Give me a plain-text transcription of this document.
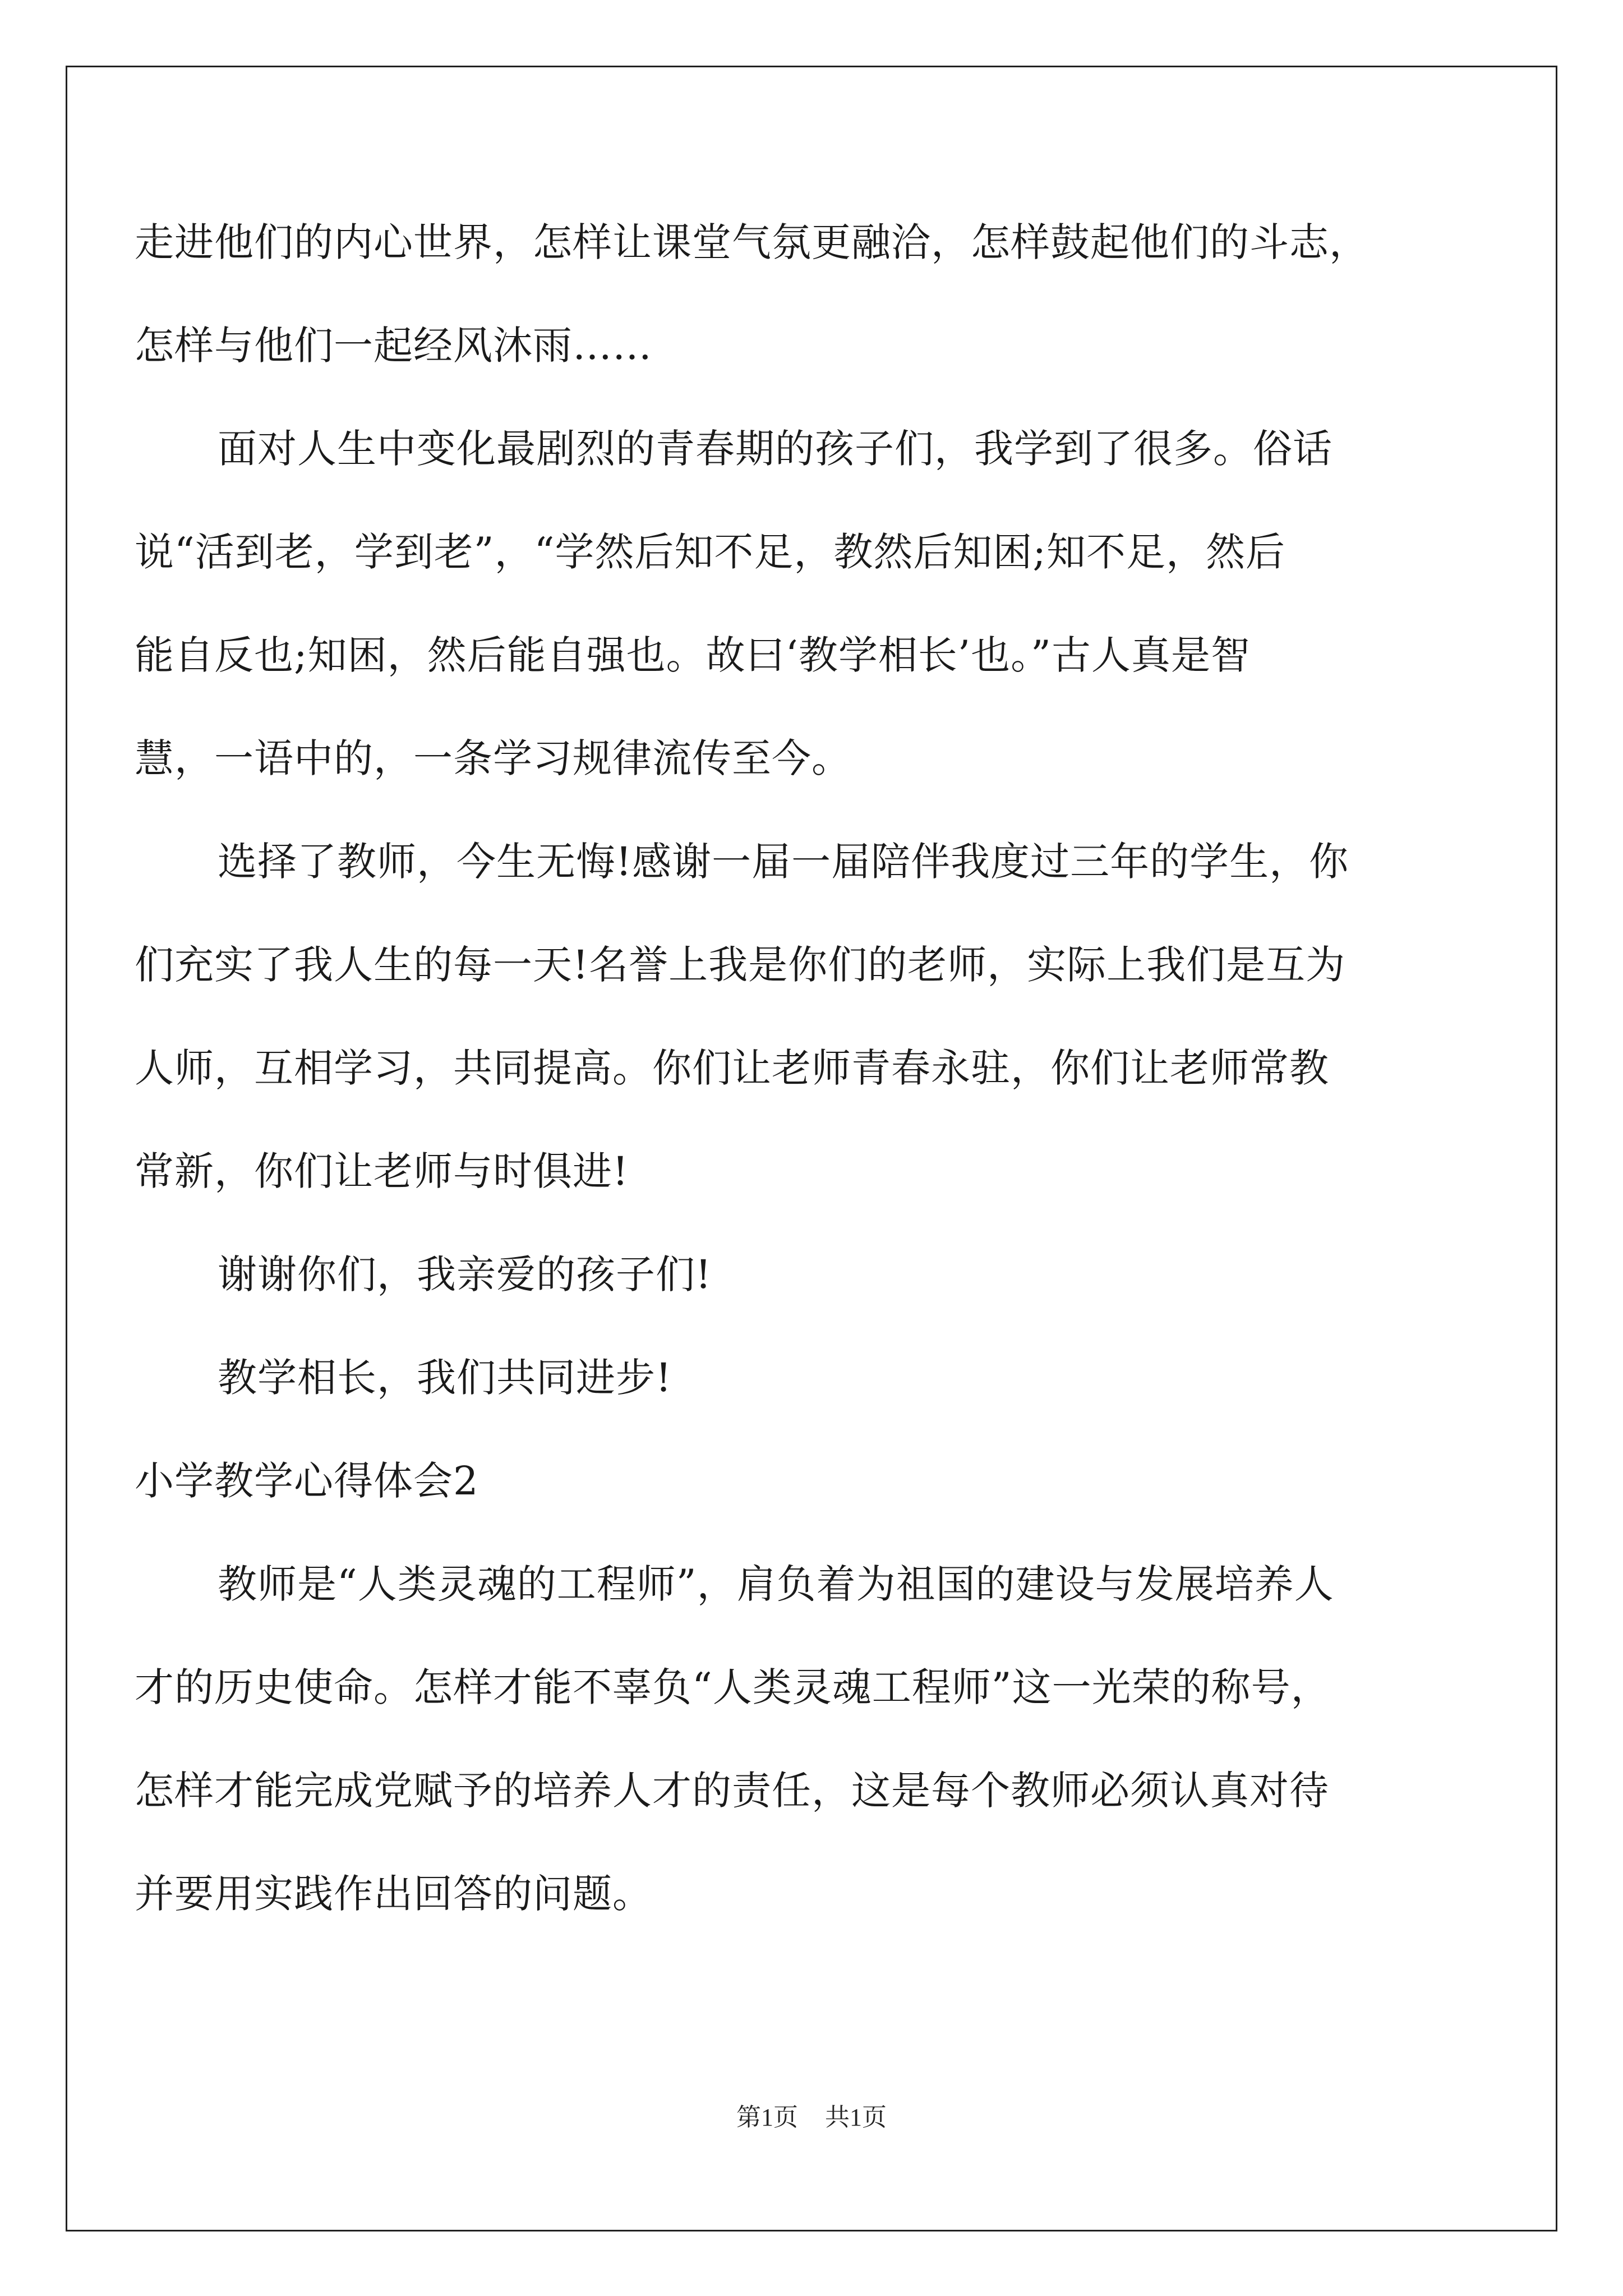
走进他们的内心世界，怎样让课堂气氛更融洽，怎样鼓起他们的斗志，
怎样与他们一起经风沐雨……
面对人生中变化最剧烈的青春期的孩子们，我学到了很多。俗话
说“活到老，学到老”，“学然后知不足，教然后知困;知不足，然后
能自反也;知困，然后能自强也。故曰‘教学相长’也。”古人真是智
慧，一语中的，一条学习规律流传至今。
选择了教师，今生无悔!感谢一届一届陪伴我度过三年的学生，你
们充实了我人生的每一天!名誉上我是你们的老师，实际上我们是互为
人师，互相学习，共同提高。你们让老师青春永驻，你们让老师常教
常新，你们让老师与时俱进!
谢谢你们，我亲爱的孩子们!
教学相长，我们共同进步!
小学教学心得体会2
教师是“人类灵魂的工程师”，肩负着为祖国的建设与发展培养人
才的历史使命。怎样才能不辜负“人类灵魂工程师”这一光荣的称号，
怎样才能完成党赋予的培养人才的责任，这是每个教师必须认真对待
并要用实践作出回答的问题。
第1页 共1页
